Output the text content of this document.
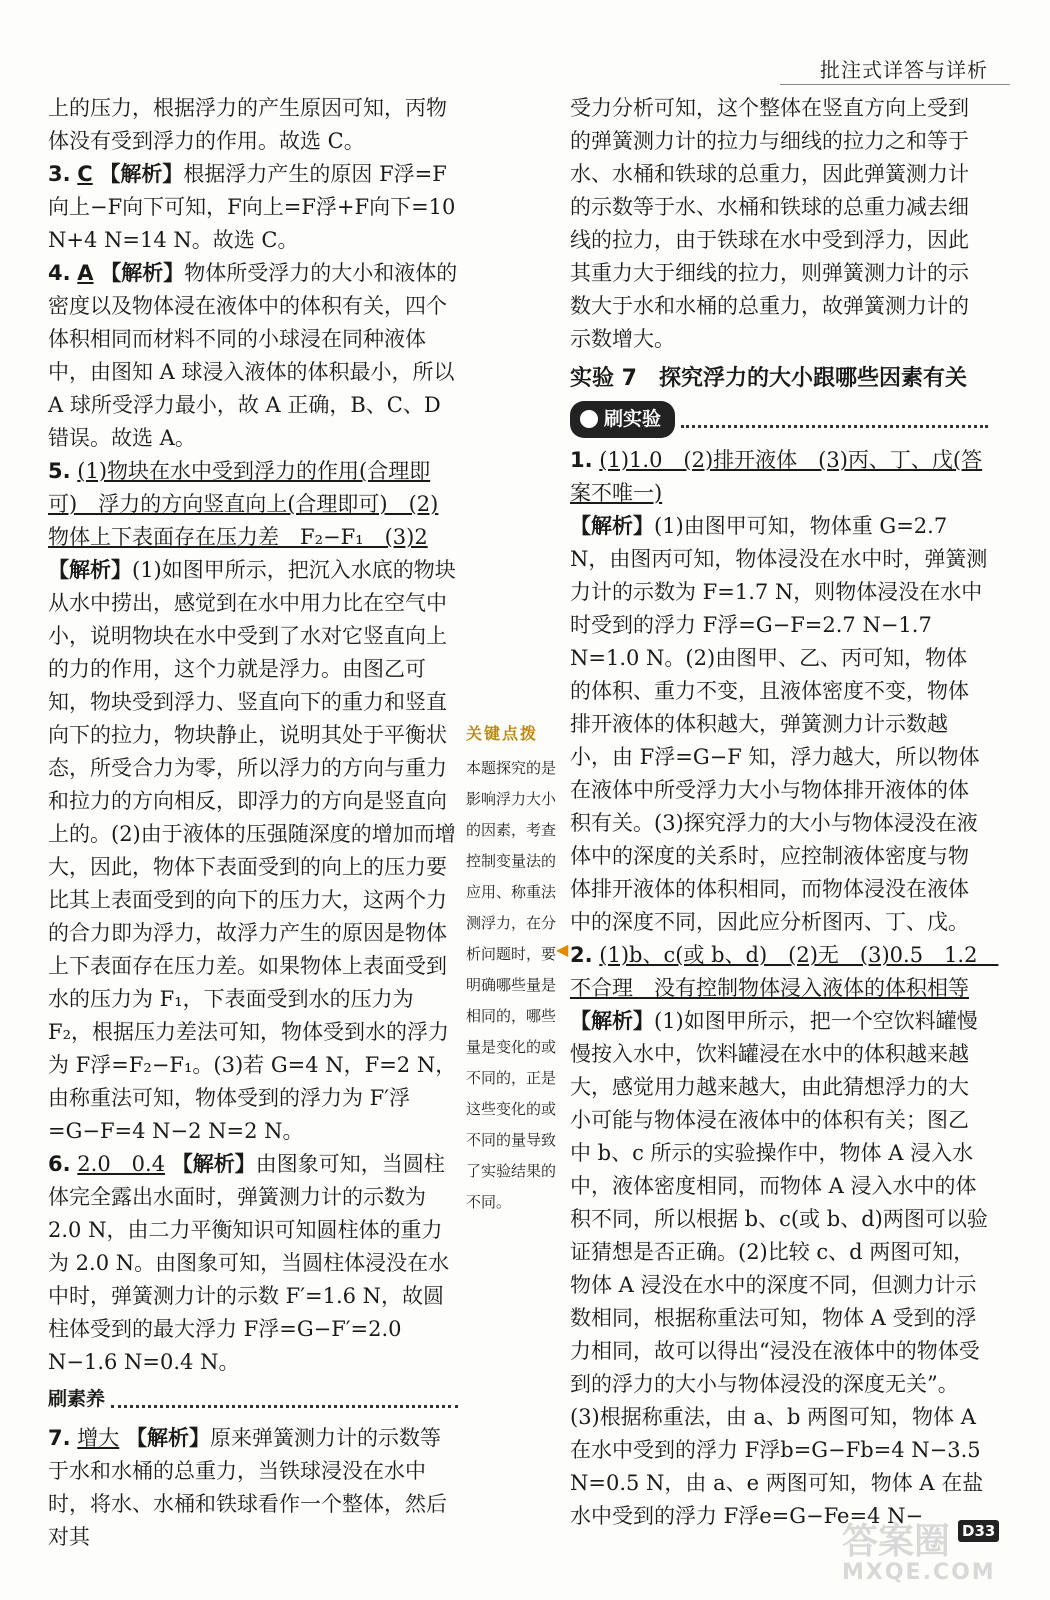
批注式详答与详析

上的压力，根据浮力的产生原因可知，丙物体没有受到浮力的作用。故选 C。

3. C 【解析】根据浮力产生的原因 F浮=F向上−F向下可知，F向上=F浮+F向下=10 N+4 N=14 N。故选 C。

4. A 【解析】物体所受浮力的大小和液体的密度以及物体浸在液体中的体积有关，四个体积相同而材料不同的小球浸在同种液体中，由图知 A 球浸入液体的体积最小，所以 A 球所受浮力最小，故 A 正确，B、C、D 错误。故选 A。

5. (1)物块在水中受到浮力的作用(合理即可)　浮力的方向竖直向上(合理即可)　(2)物体上下表面存在压力差　F₂−F₁　(3)2 【解析】(1)如图甲所示，把沉入水底的物块从水中捞出，感觉到在水中用力比在空气中小，说明物块在水中受到了水对它竖直向上的力的作用，这个力就是浮力。由图乙可知，物块受到浮力、竖直向下的重力和竖直向下的拉力，物块静止，说明其处于平衡状态，所受合力为零，所以浮力的方向与重力和拉力的方向相反，即浮力的方向是竖直向上的。(2)由于液体的压强随深度的增加而增大，因此，物体下表面受到的向上的压力要比其上表面受到的向下的压力大，这两个力的合力即为浮力，故浮力产生的原因是物体上下表面存在压力差。如果物体上表面受到水的压力为 F₁，下表面受到水的压力为 F₂，根据压力差法可知，物体受到水的浮力为 F浮=F₂−F₁。(3)若 G=4 N，F=2 N，由称重法可知，物体受到的浮力为 F′浮=G−F=4 N−2 N=2 N。

6. 2.0　0.4 【解析】由图象可知，当圆柱体完全露出水面时，弹簧测力计的示数为 2.0 N，由二力平衡知识可知圆柱体的重力为 2.0 N。由图象可知，当圆柱体浸没在水中时，弹簧测力计的示数 F′=1.6 N，故圆柱体受到的最大浮力 F浮=G−F′=2.0 N−1.6 N=0.4 N。

刷素养

7. 增大 【解析】原来弹簧测力计的示数等于水和水桶的总重力，当铁球浸没在水中时，将水、水桶和铁球看作一个整体，然后对其

关键点拨
本题探究的是影响浮力大小的因素，考查控制变量法的应用、称重法测浮力，在分析问题时，要明确哪些量是相同的，哪些量是变化的或不同的，正是这些变化的或不同的量导致了实验结果的不同。
◀

受力分析可知，这个整体在竖直方向上受到的弹簧测力计的拉力与细线的拉力之和等于水、水桶和铁球的总重力，因此弹簧测力计的示数等于水、水桶和铁球的总重力减去细线的拉力，由于铁球在水中受到浮力，因此其重力大于细线的拉力，则弹簧测力计的示数大于水和水桶的总重力，故弹簧测力计的示数增大。

实验 7　探究浮力的大小跟哪些因素有关
刷实验

1. (1)1.0　(2)排开液体　(3)丙、丁、戊(答案不唯一)
【解析】(1)由图甲可知，物体重 G=2.7 N，由图丙可知，物体浸没在水中时，弹簧测力计的示数为 F=1.7 N，则物体浸没在水中时受到的浮力 F浮=G−F=2.7 N−1.7 N=1.0 N。(2)由图甲、乙、丙可知，物体的体积、重力不变，且液体密度不变，物体排开液体的体积越大，弹簧测力计示数越小，由 F浮=G−F 知，浮力越大，所以物体在液体中所受浮力大小与物体排开液体的体积有关。(3)探究浮力的大小与物体浸没在液体中的深度的关系时，应控制液体密度与物体排开液体的体积相同，而物体浸没在液体中的深度不同，因此应分析图丙、丁、戊。

2. (1)b、c(或 b、d)　(2)无　(3)0.5　1.2　不合理　没有控制物体浸入液体的体积相等
【解析】(1)如图甲所示，把一个空饮料罐慢慢按入水中，饮料罐浸在水中的体积越来越大，感觉用力越来越大，由此猜想浮力的大小可能与物体浸在液体中的体积有关；图乙中 b、c 所示的实验操作中，物体 A 浸入水中，液体密度相同，而物体 A 浸入水中的体积不同，所以根据 b、c(或 b、d)两图可以验证猜想是否正确。(2)比较 c、d 两图可知，物体 A 浸没在水中的深度不同，但测力计示数相同，根据称重法可知，物体 A 受到的浮力相同，故可以得出“浸没在液体中的物体受到的浮力的大小与物体浸没的深度无关”。(3)根据称重法，由 a、b 两图可知，物体 A 在水中受到的浮力 F浮b=G−Fb=4 N−3.5 N=0.5 N，由 a、e 两图可知，物体 A 在盐水中受到的浮力 F浮e=G−Fe=4 N−

答案圈
MXQE.COM
D33
